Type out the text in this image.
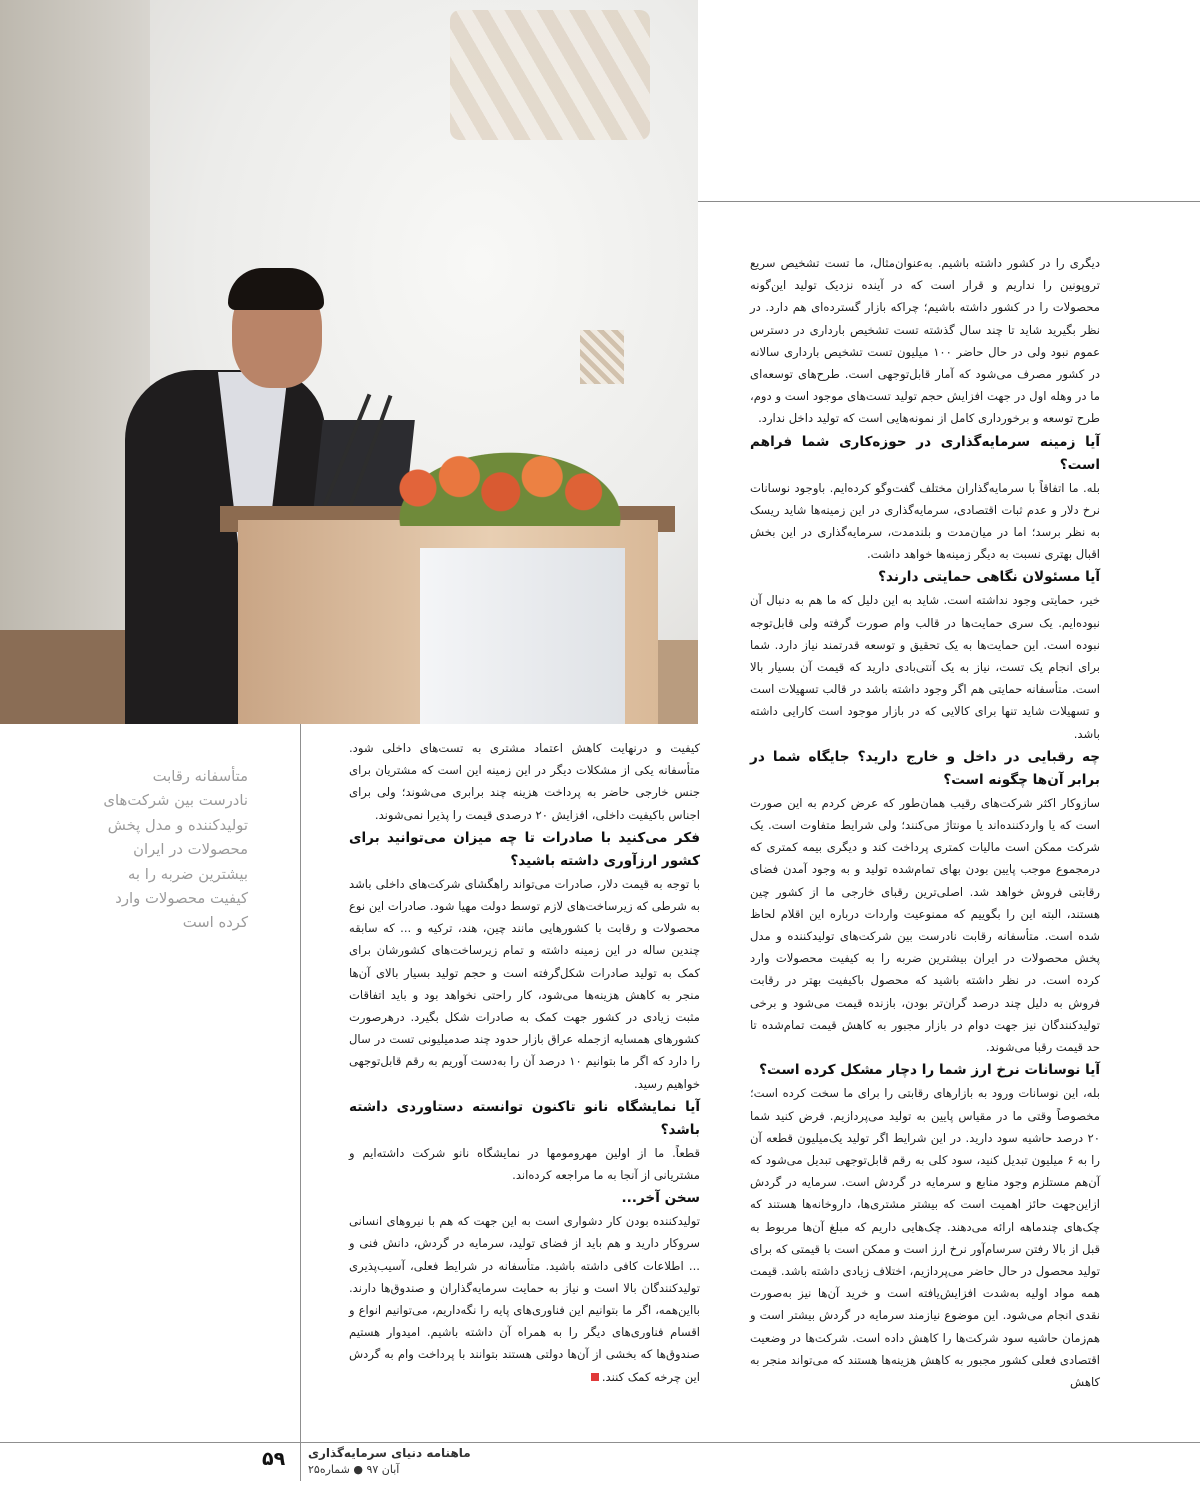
دیگری را در کشور داشته باشیم. به‌عنوان‌مثال، ما تست تشخیص سریع تروپونین را نداریم و قرار است که در آینده نزدیک تولید این‌گونه محصولات را در کشور داشته باشیم؛ چراکه بازار گسترده‌ای هم دارد. در نظر بگیرید شاید تا چند سال گذشته تست تشخیص بارداری در دسترس عموم نبود ولی در حال حاضر ۱۰۰ میلیون تست تشخیص بارداری سالانه در کشور مصرف می‌شود که آمار قابل‌توجهی است. طرح‌های توسعه‌ای ما در وهله اول در جهت افزایش حجم تولید تست‌های موجود است و دوم، طرح توسعه و برخورداری کامل از نمونه‌هایی است که تولید داخل ندارد.

آیا زمینه سرمایه‌گذاری در حوزه‌کاری شما فراهم است؟

بله. ما اتفاقاً با سرمایه‌گذاران مختلف گفت‌وگو کرده‌ایم. باوجود نوسانات نرخ دلار و عدم ثبات اقتصادی، سرمایه‌گذاری در این زمینه‌ها شاید ریسک به نظر برسد؛ اما در میان‌مدت و بلندمدت، سرمایه‌گذاری در این بخش اقبال بهتری نسبت به دیگر زمینه‌ها خواهد داشت.

آیا مسئولان نگاهی حمایتی دارند؟

خیر، حمایتی وجود نداشته است. شاید به این دلیل که ما هم به دنبال آن نبوده‌ایم. یک سری حمایت‌ها در قالب وام صورت گرفته ولی قابل‌توجه نبوده است. این حمایت‌ها به یک تحقیق و توسعه قدرتمند نیاز دارد. شما برای انجام یک تست، نیاز به یک آنتی‌بادی دارید که قیمت آن بسیار بالا است. متأسفانه حمایتی هم اگر وجود داشته باشد در قالب تسهیلات است و تسهیلات شاید تنها برای کالایی که در بازار موجود است کارایی داشته باشد.

چه رقبایی در داخل و خارج دارید؟ جایگاه شما در برابر آن‌ها چگونه است؟

سازوکار اکثر شرکت‌های رقیب همان‌طور که عرض کردم به این صورت است که یا واردکننده‌اند یا مونتاژ می‌کنند؛ ولی شرایط متفاوت است. یک شرکت ممکن است مالیات کمتری پرداخت کند و دیگری بیمه کمتری که درمجموع موجب پایین بودن بهای تمام‌شده تولید و به وجود آمدن فضای رقابتی فروش خواهد شد. اصلی‌ترین رقبای خارجی ما از کشور چین هستند، البته این را بگوییم که ممنوعیت واردات درباره این اقلام لحاظ شده است. متأسفانه رقابت نادرست بین شرکت‌های تولیدکننده و مدل پخش محصولات در ایران بیشترین ضربه را به کیفیت محصولات وارد کرده است. در نظر داشته باشید که محصول باکیفیت بهتر در رقابت فروش به دلیل چند درصد گران‌تر بودن، بازنده قیمت می‌شود و برخی تولیدکنندگان نیز جهت دوام در بازار مجبور به کاهش قیمت تمام‌شده تا حد قیمت رقبا می‌شوند.

آیا نوسانات نرخ ارز شما را دچار مشکل کرده است؟

بله، این نوسانات ورود به بازارهای رقابتی را برای ما سخت کرده است؛ مخصوصاً وقتی ما در مقیاس پایین به تولید می‌پردازیم. فرض کنید شما ۲۰ درصد حاشیه سود دارید. در این شرایط اگر تولید یک‌میلیون قطعه آن را به ۶ میلیون تبدیل کنید، سود کلی به رقم قابل‌توجهی تبدیل می‌شود که آن‌هم مستلزم وجود منابع و سرمایه در گردش است. سرمایه در گردش ازاین‌جهت حائز اهمیت است که بیشتر مشتری‌ها، داروخانه‌ها هستند که چک‌های چندماهه ارائه می‌دهند. چک‌هایی داریم که مبلغ آن‌ها مربوط به قبل از بالا رفتن سرسام‌آور نرخ ارز است و ممکن است با قیمتی که برای تولید محصول در حال حاضر می‌پردازیم، اختلاف زیادی داشته باشد. قیمت همه مواد اولیه به‌شدت افزایش‌یافته است و خرید آن‌ها نیز به‌صورت نقدی انجام می‌شود. این موضوع نیازمند سرمایه در گردش بیشتر است و هم‌زمان حاشیه سود شرکت‌ها را کاهش داده است. شرکت‌ها در وضعیت اقتصادی فعلی کشور مجبور به کاهش هزینه‌ها هستند که می‌تواند منجر به کاهش

کیفیت و درنهایت کاهش اعتماد مشتری به تست‌های داخلی شود. متأسفانه یکی از مشکلات دیگر در این زمینه این است که مشتریان برای جنس خارجی حاضر به پرداخت هزینه چند برابری می‌شوند؛ ولی برای اجناس باکیفیت داخلی، افزایش ۲۰ درصدی قیمت را پذیرا نمی‌شوند.

فکر می‌کنید با صادرات تا چه میزان می‌توانید برای کشور ارزآوری داشته باشید؟

با توجه به قیمت دلار، صادرات می‌تواند راهگشای شرکت‌های داخلی باشد به شرطی که زیرساخت‌های لازم توسط دولت مهیا شود. صادرات این نوع محصولات و رقابت با کشورهایی مانند چین، هند، ترکیه و ... که سابقه چندین ساله در این زمینه داشته و تمام زیرساخت‌های کشورشان برای کمک به تولید صادرات شکل‌گرفته است و حجم تولید بسیار بالای آن‌ها منجر به کاهش هزینه‌ها می‌شود، کار راحتی نخواهد بود و باید اتفاقات مثبت زیادی در کشور جهت کمک به صادرات شکل بگیرد. درهرصورت کشورهای همسایه ازجمله عراق بازار حدود چند صدمیلیونی تست در سال را دارد که اگر ما بتوانیم ۱۰ درصد آن را به‌دست آوریم به رقم قابل‌توجهی خواهیم رسید.

آیا نمایشگاه نانو تاکنون توانسته دستاوردی داشته باشد؟

قطعاً. ما از اولین مهرومومها در نمایشگاه نانو شرکت داشته‌ایم و مشتریانی از آنجا به ما مراجعه کرده‌اند.

سخن آخر...

تولیدکننده بودن کار دشواری است به این جهت که هم با نیروهای انسانی سروکار دارید و هم باید از فضای تولید، سرمایه در گردش، دانش فنی و ... اطلاعات کافی داشته باشید. متأسفانه در شرایط فعلی، آسیب‌پذیری تولیدکنندگان بالا است و نیاز به حمایت سرمایه‌گذاران و صندوق‌ها دارند. بااین‌همه، اگر ما بتوانیم این فناوری‌های پایه را نگه‌داریم، می‌توانیم انواع و اقسام فناوری‌های دیگر را به همراه آن داشته باشیم. امیدوار هستیم صندوق‌ها که بخشی از آن‌ها دولتی هستند بتوانند با پرداخت وام به گردش این چرخه کمک کنند.

متأسفانه رقابت نادرست بین شرکت‌های تولیدکننده و مدل پخش محصولات در ایران بیشترین ضربه را به کیفیت محصولات وارد کرده است
۵۹ ماهنامه دنیای سرمایه‌گذاری
آبان ۹۷ ● شماره۲۵
